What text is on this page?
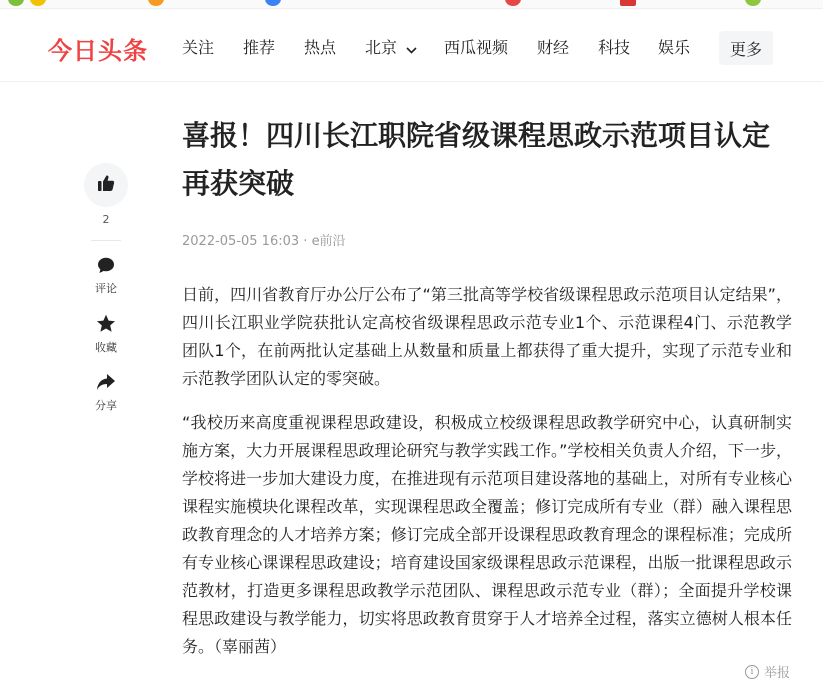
今日头条 关注 推荐 热点 北京	西瓜视频 财经 科技 娱乐	更多
2
评论
收藏
分享
喜报！四川长江职院省级课程思政示范项目认定再获突破
2022-05-05 16:03 · e前沿

日前，四川省教育厅办公厅公布了“第三批高等学校省级课程思政示范项目认定结果”，四川长江职业学院获批认定高校省级课程思政示范专业1个、示范课程4门、示范教学团队1个，在前两批认定基础上从数量和质量上都获得了重大提升，实现了示范专业和示范教学团队认定的零突破。

“我校历来高度重视课程思政建设，积极成立校级课程思政教学研究中心，认真研制实施方案，大力开展课程思政理论研究与教学实践工作。”学校相关负责人介绍，下一步，学校将进一步加大建设力度，在推进现有示范项目建设落地的基础上，对所有专业核心课程实施模块化课程改革，实现课程思政全覆盖；修订完成所有专业（群）融入课程思政教育理念的人才培养方案；修订完成全部开设课程思政教育理念的课程标准；完成所有专业核心课课程思政建设；培育建设国家级课程思政示范课程，出版一批课程思政示范教材，打造更多课程思政教学示范团队、课程思政示范专业（群）；全面提升学校课程思政建设与教学能力，切实将思政教育贯穿于人才培养全过程，落实立德树人根本任务。（辜丽茜）

i 举报
